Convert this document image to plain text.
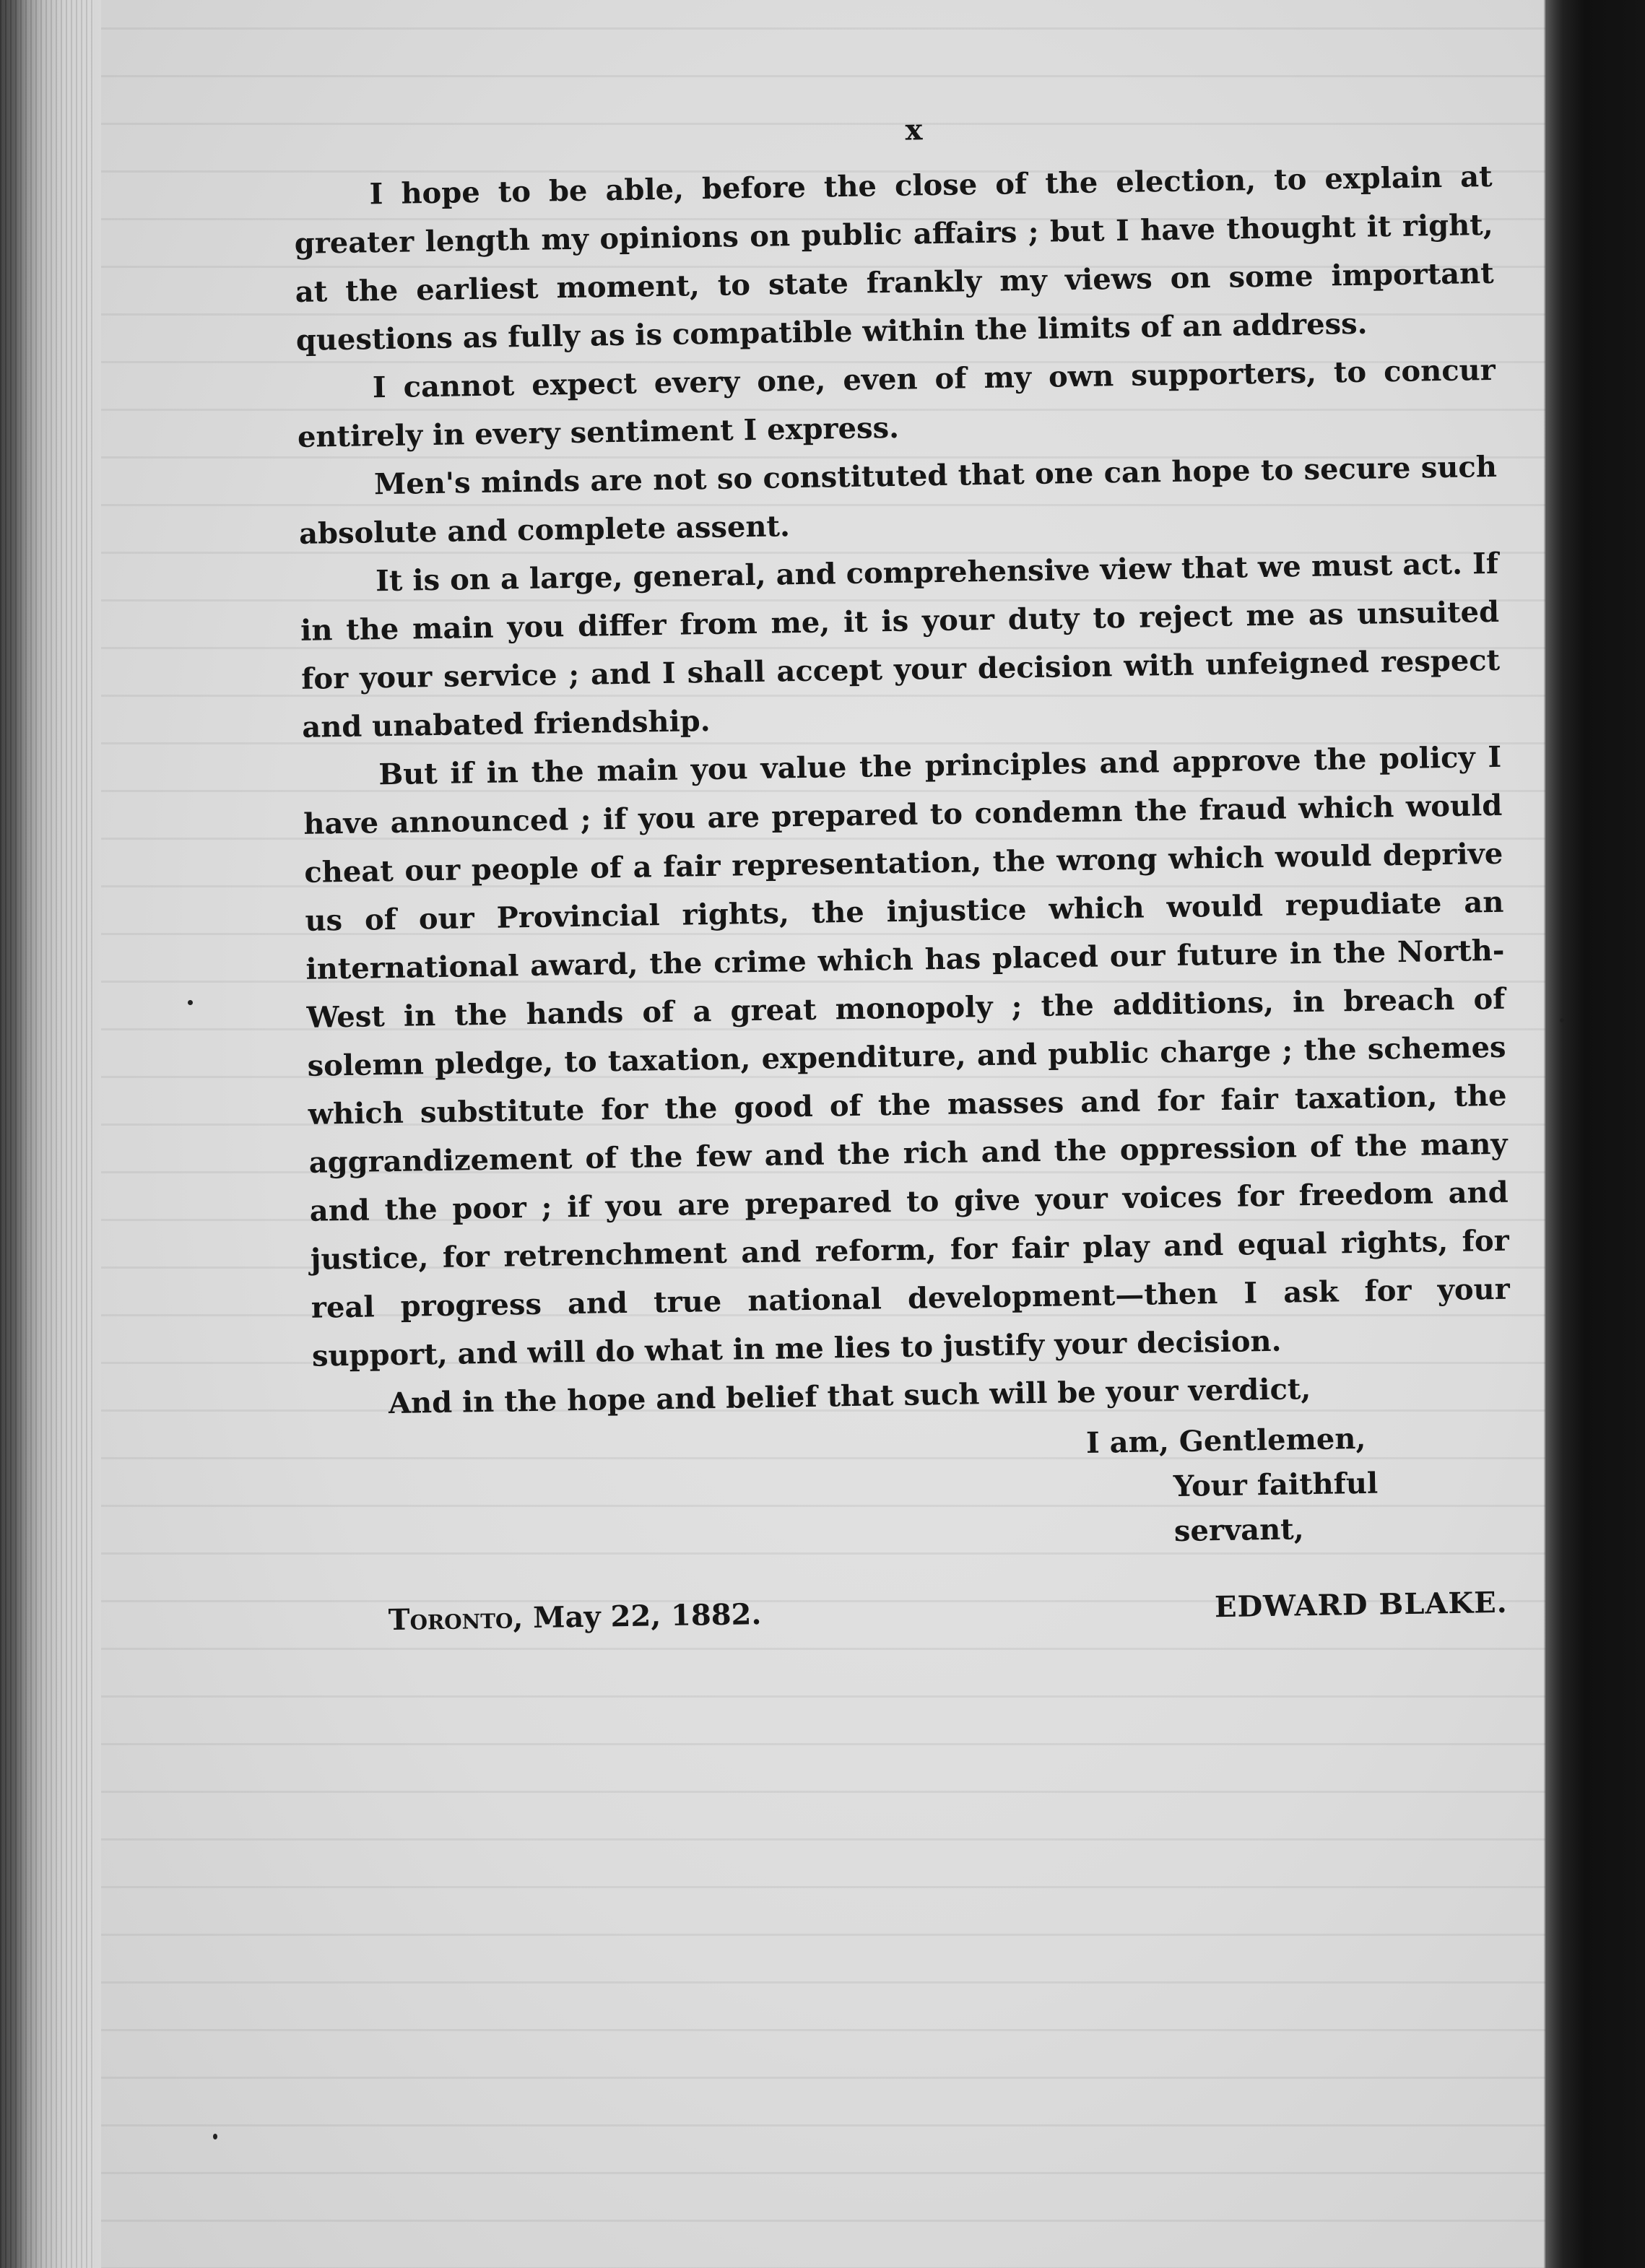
x

I hope to be able, before the close of the election, to explain at greater length my opinions on public affairs ; but I have thought it right, at the earliest moment, to state frankly my views on some important questions as fully as is compatible within the limits of an address.

I cannot expect every one, even of my own supporters, to concur entirely in every sentiment I express.

Men's minds are not so constituted that one can hope to secure such absolute and complete assent.

It is on a large, general, and comprehensive view that we must act. If in the main you differ from me, it is your duty to reject me as unsuited for your service ; and I shall accept your decision with unfeigned respect and unabated friendship.

But if in the main you value the principles and approve the policy I have announced ; if you are prepared to condemn the fraud which would cheat our people of a fair representation, the wrong which would deprive us of our Provincial rights, the injustice which would repudiate an international award, the crime which has placed our future in the North-West in the hands of a great monopoly ; the additions, in breach of solemn pledge, to taxation, expenditure, and public charge ; the schemes which substitute for the good of the masses and for fair taxation, the aggrandizement of the few and the rich and the oppression of the many and the poor ; if you are prepared to give your voices for freedom and justice, for retrenchment and reform, for fair play and equal rights, for real progress and true national development—then I ask for your support, and will do what in me lies to justify your decision.

And in the hope and belief that such will be your verdict,

I am, Gentlemen,

Your faithful servant,

Toronto, May 22, 1882.	EDWARD BLAKE.
